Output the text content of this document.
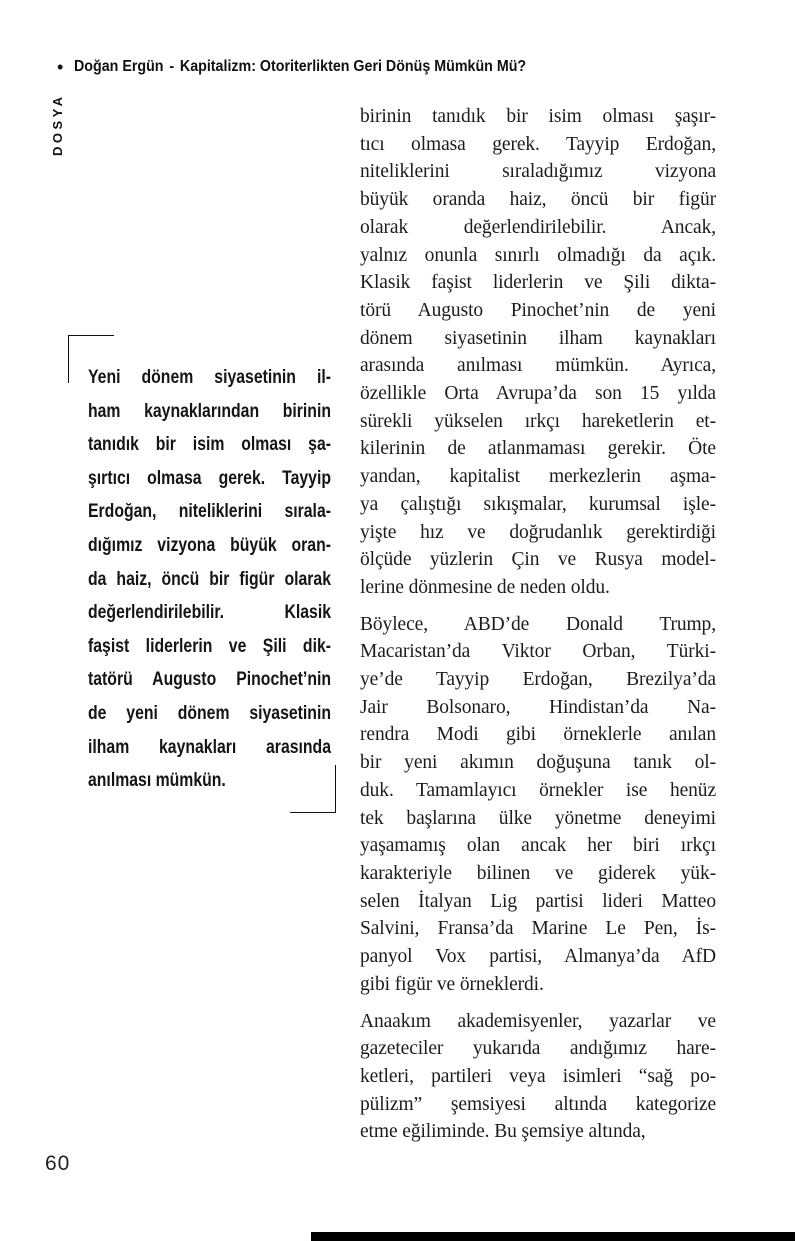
• Doğan Ergün - Kapitalizm: Otoriterlikten Geri Dönüş Mümkün Mü?
DOSYA
Yeni dönem siyasetinin il-
ham kaynaklarından birinin
tanıdık bir isim olması şa-
şırtıcı olmasa gerek. Tayyip
Erdoğan, niteliklerini sırala-
dığımız vizyona büyük oran-
da haiz, öncü bir figür olarak
değerlendirilebilir. Klasik
faşist liderlerin ve Şili dik-
tatörü Augusto Pinochet’nin
de yeni dönem siyasetinin
ilham kaynakları arasında
anılması mümkün.
birinin tanıdık bir isim olması şaşır-
tıcı olmasa gerek. Tayyip Erdoğan,
niteliklerini sıraladığımız vizyona
büyük oranda haiz, öncü bir figür
olarak değerlendirilebilir. Ancak,
yalnız onunla sınırlı olmadığı da açık.
Klasik faşist liderlerin ve Şili dikta-
törü Augusto Pinochet’nin de yeni
dönem siyasetinin ilham kaynakları
arasında anılması mümkün. Ayrıca,
özellikle Orta Avrupa’da son 15 yılda
sürekli yükselen ırkçı hareketlerin et-
kilerinin de atlanmaması gerekir. Öte
yandan, kapitalist merkezlerin aşma-
ya çalıştığı sıkışmalar, kurumsal işle-
yişte hız ve doğrudanlık gerektirdiği
ölçüde yüzlerin Çin ve Rusya model-
lerine dönmesine de neden oldu.
Böylece, ABD’de Donald Trump,
Macaristan’da Viktor Orban, Türki-
ye’de Tayyip Erdoğan, Brezilya’da
Jair Bolsonaro, Hindistan’da Na-
rendra Modi gibi örneklerle anılan
bir yeni akımın doğuşuna tanık ol-
duk. Tamamlayıcı örnekler ise henüz
tek başlarına ülke yönetme deneyimi
yaşamamış olan ancak her biri ırkçı
karakteriyle bilinen ve giderek yük-
selen İtalyan Lig partisi lideri Matteo
Salvini, Fransa’da Marine Le Pen, İs-
panyol Vox partisi, Almanya’da AfD
gibi figür ve örneklerdi.
Anaakım akademisyenler, yazarlar ve
gazeteciler yukarıda andığımız hare-
ketleri, partileri veya isimleri “sağ po-
pülizm” şemsiyesi altında kategorize
etme eğiliminde. Bu şemsiye altında,
60
